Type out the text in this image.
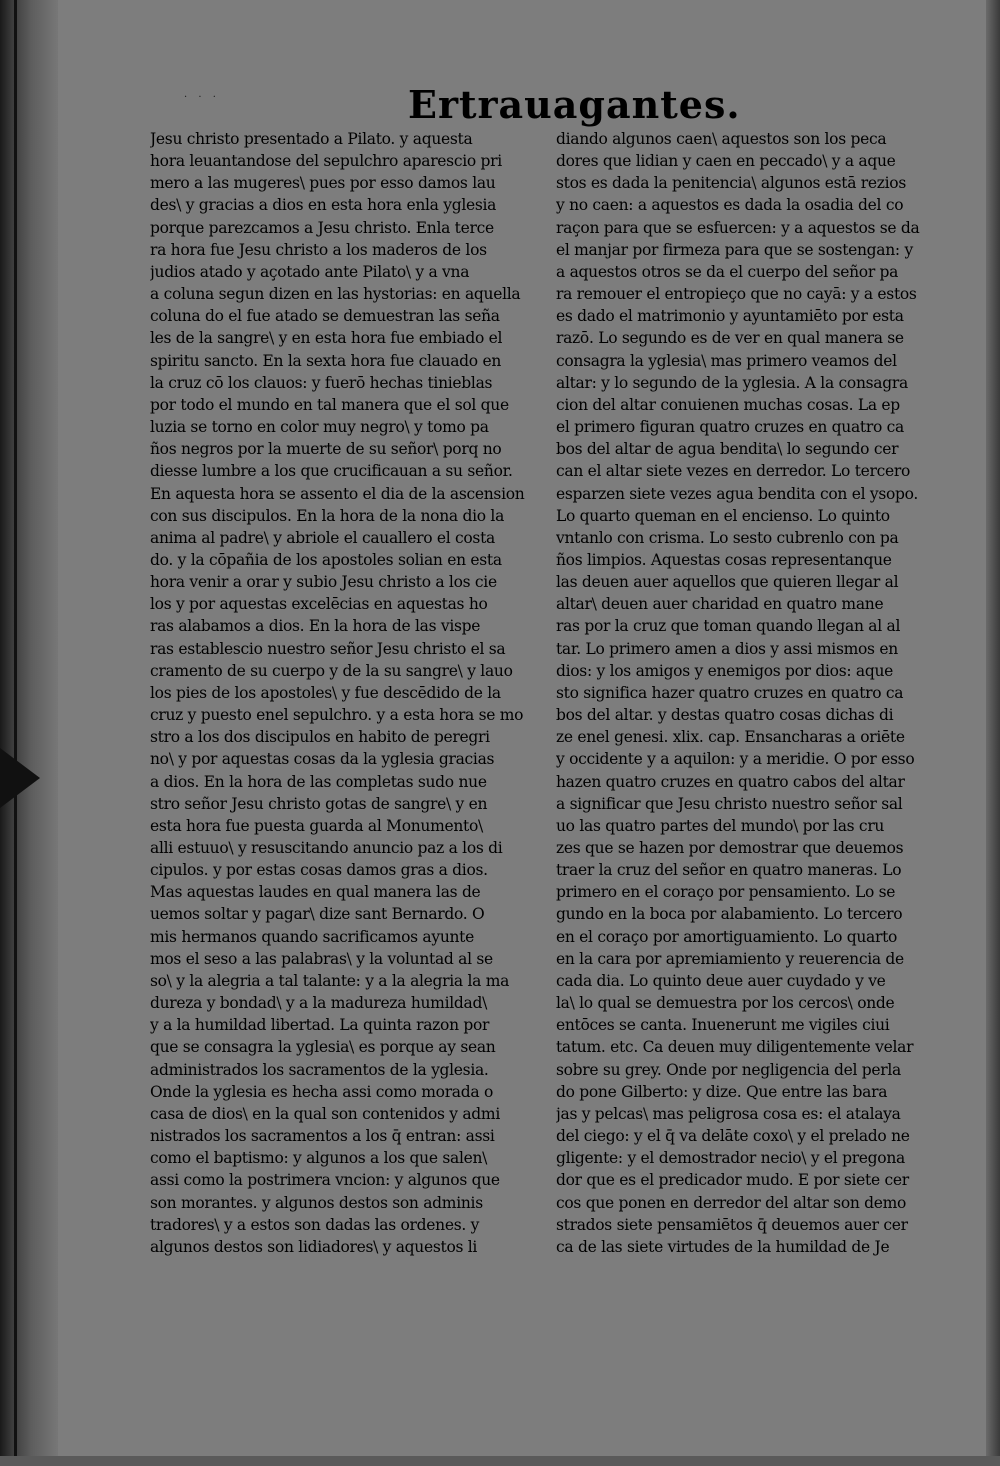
· · ·	Ertrauagantes.
Jesu christo presentado a Pilato. y aquesta
hora leuantandose del sepulchro aparescio pri
mero a las mugeres\ pues por esso damos lau
des\ y gracias a dios en esta hora enla yglesia
porque parezcamos a Jesu christo. Enla terce
ra hora fue Jesu christo a los maderos de los
judios atado y açotado ante Pilato\ y a vna
a coluna segun dizen en las hystorias: en aquella
coluna do el fue atado se demuestran las seña
les de la sangre\ y en esta hora fue embiado el
spiritu sancto. En la sexta hora fue clauado en
la cruz cō los clauos: y fuerō hechas tinieblas
por todo el mundo en tal manera que el sol que
luzia se torno en color muy negro\ y tomo pa
ños negros por la muerte de su señor\ porq no
diesse lumbre a los que crucificauan a su señor.
En aquesta hora se assento el dia de la ascension
con sus discipulos. En la hora de la nona dio la
anima al padre\ y abriole el cauallero el costa
do. y la cōpañia de los apostoles solian en esta
hora venir a orar y subio Jesu christo a los cie
los y por aquestas excelēcias en aquestas ho
ras alabamos a dios. En la hora de las vispe
ras establescio nuestro señor Jesu christo el sa
cramento de su cuerpo y de la su sangre\ y lauo
los pies de los apostoles\ y fue descēdido de la
cruz y puesto enel sepulchro. y a esta hora se mo
stro a los dos discipulos en habito de peregri
no\ y por aquestas cosas da la yglesia gracias
a dios. En la hora de las completas sudo nue
stro señor Jesu christo gotas de sangre\ y en
esta hora fue puesta guarda al Monumento\
alli estuuo\ y resuscitando anuncio paz a los di
cipulos. y por estas cosas damos gras a dios.
Mas aquestas laudes en qual manera las de
uemos soltar y pagar\ dize sant Bernardo. O
mis hermanos quando sacrificamos ayunte
mos el seso a las palabras\ y la voluntad al se
so\ y la alegria a tal talante: y a la alegria la ma
dureza y bondad\ y a la madureza humildad\
y a la humildad libertad. La quinta razon por
que se consagra la yglesia\ es porque ay sean
administrados los sacramentos de la yglesia.
Onde la yglesia es hecha assi como morada o
casa de dios\ en la qual son contenidos y admi
nistrados los sacramentos a los q̄ entran: assi
como el baptismo: y algunos a los que salen\
assi como la postrimera vncion: y algunos que
son morantes. y algunos destos son adminis
tradores\ y a estos son dadas las ordenes. y
algunos destos son lidiadores\ y aquestos li
diando algunos caen\ aquestos son los peca
dores que lidian y caen en peccado\ y a aque
stos es dada la penitencia\ algunos estā rezios
y no caen: a aquestos es dada la osadia del co
raçon para que se esfuercen: y a aquestos se da
el manjar por firmeza para que se sostengan: y
a aquestos otros se da el cuerpo del señor pa
ra remouer el entropieço que no cayā: y a estos
es dado el matrimonio y ayuntamiēto por esta
razō. Lo segundo es de ver en qual manera se
consagra la yglesia\ mas primero veamos del
altar: y lo segundo de la yglesia. A la consagra
cion del altar conuienen muchas cosas. La ep
el primero figuran quatro cruzes en quatro ca
bos del altar de agua bendita\ lo segundo cer
can el altar siete vezes en derredor. Lo tercero
esparzen siete vezes agua bendita con el ysopo.
Lo quarto queman en el encienso. Lo quinto
vntanlo con crisma. Lo sesto cubrenlo con pa
ños limpios. Aquestas cosas representanque
las deuen auer aquellos que quieren llegar al
altar\ deuen auer charidad en quatro mane
ras por la cruz que toman quando llegan al al
tar. Lo primero amen a dios y assi mismos en
dios: y los amigos y enemigos por dios: aque
sto significa hazer quatro cruzes en quatro ca
bos del altar. y destas quatro cosas dichas di
ze enel genesi. xlix. cap. Ensancharas a oriēte
y occidente y a aquilon: y a meridie. O por esso
hazen quatro cruzes en quatro cabos del altar
a significar que Jesu christo nuestro señor sal
uo las quatro partes del mundo\ por las cru
zes que se hazen por demostrar que deuemos
traer la cruz del señor en quatro maneras. Lo
primero en el coraço por pensamiento. Lo se
gundo en la boca por alabamiento. Lo tercero
en el coraço por amortiguamiento. Lo quarto
en la cara por apremiamiento y reuerencia de
cada dia. Lo quinto deue auer cuydado y ve
la\ lo qual se demuestra por los cercos\ onde
entōces se canta. Inuenerunt me vigiles ciui
tatum. etc. Ca deuen muy diligentemente velar
sobre su grey. Onde por negligencia del perla
do pone Gilberto: y dize. Que entre las bara
jas y pelcas\ mas peligrosa cosa es: el atalaya
del ciego: y el q̄ va delāte coxo\ y el prelado ne
gligente: y el demostrador necio\ y el pregona
dor que es el predicador mudo. E por siete cer
cos que ponen en derredor del altar son demo
strados siete pensamiētos q̄ deuemos auer cer
ca de las siete virtudes de la humildad de Je
